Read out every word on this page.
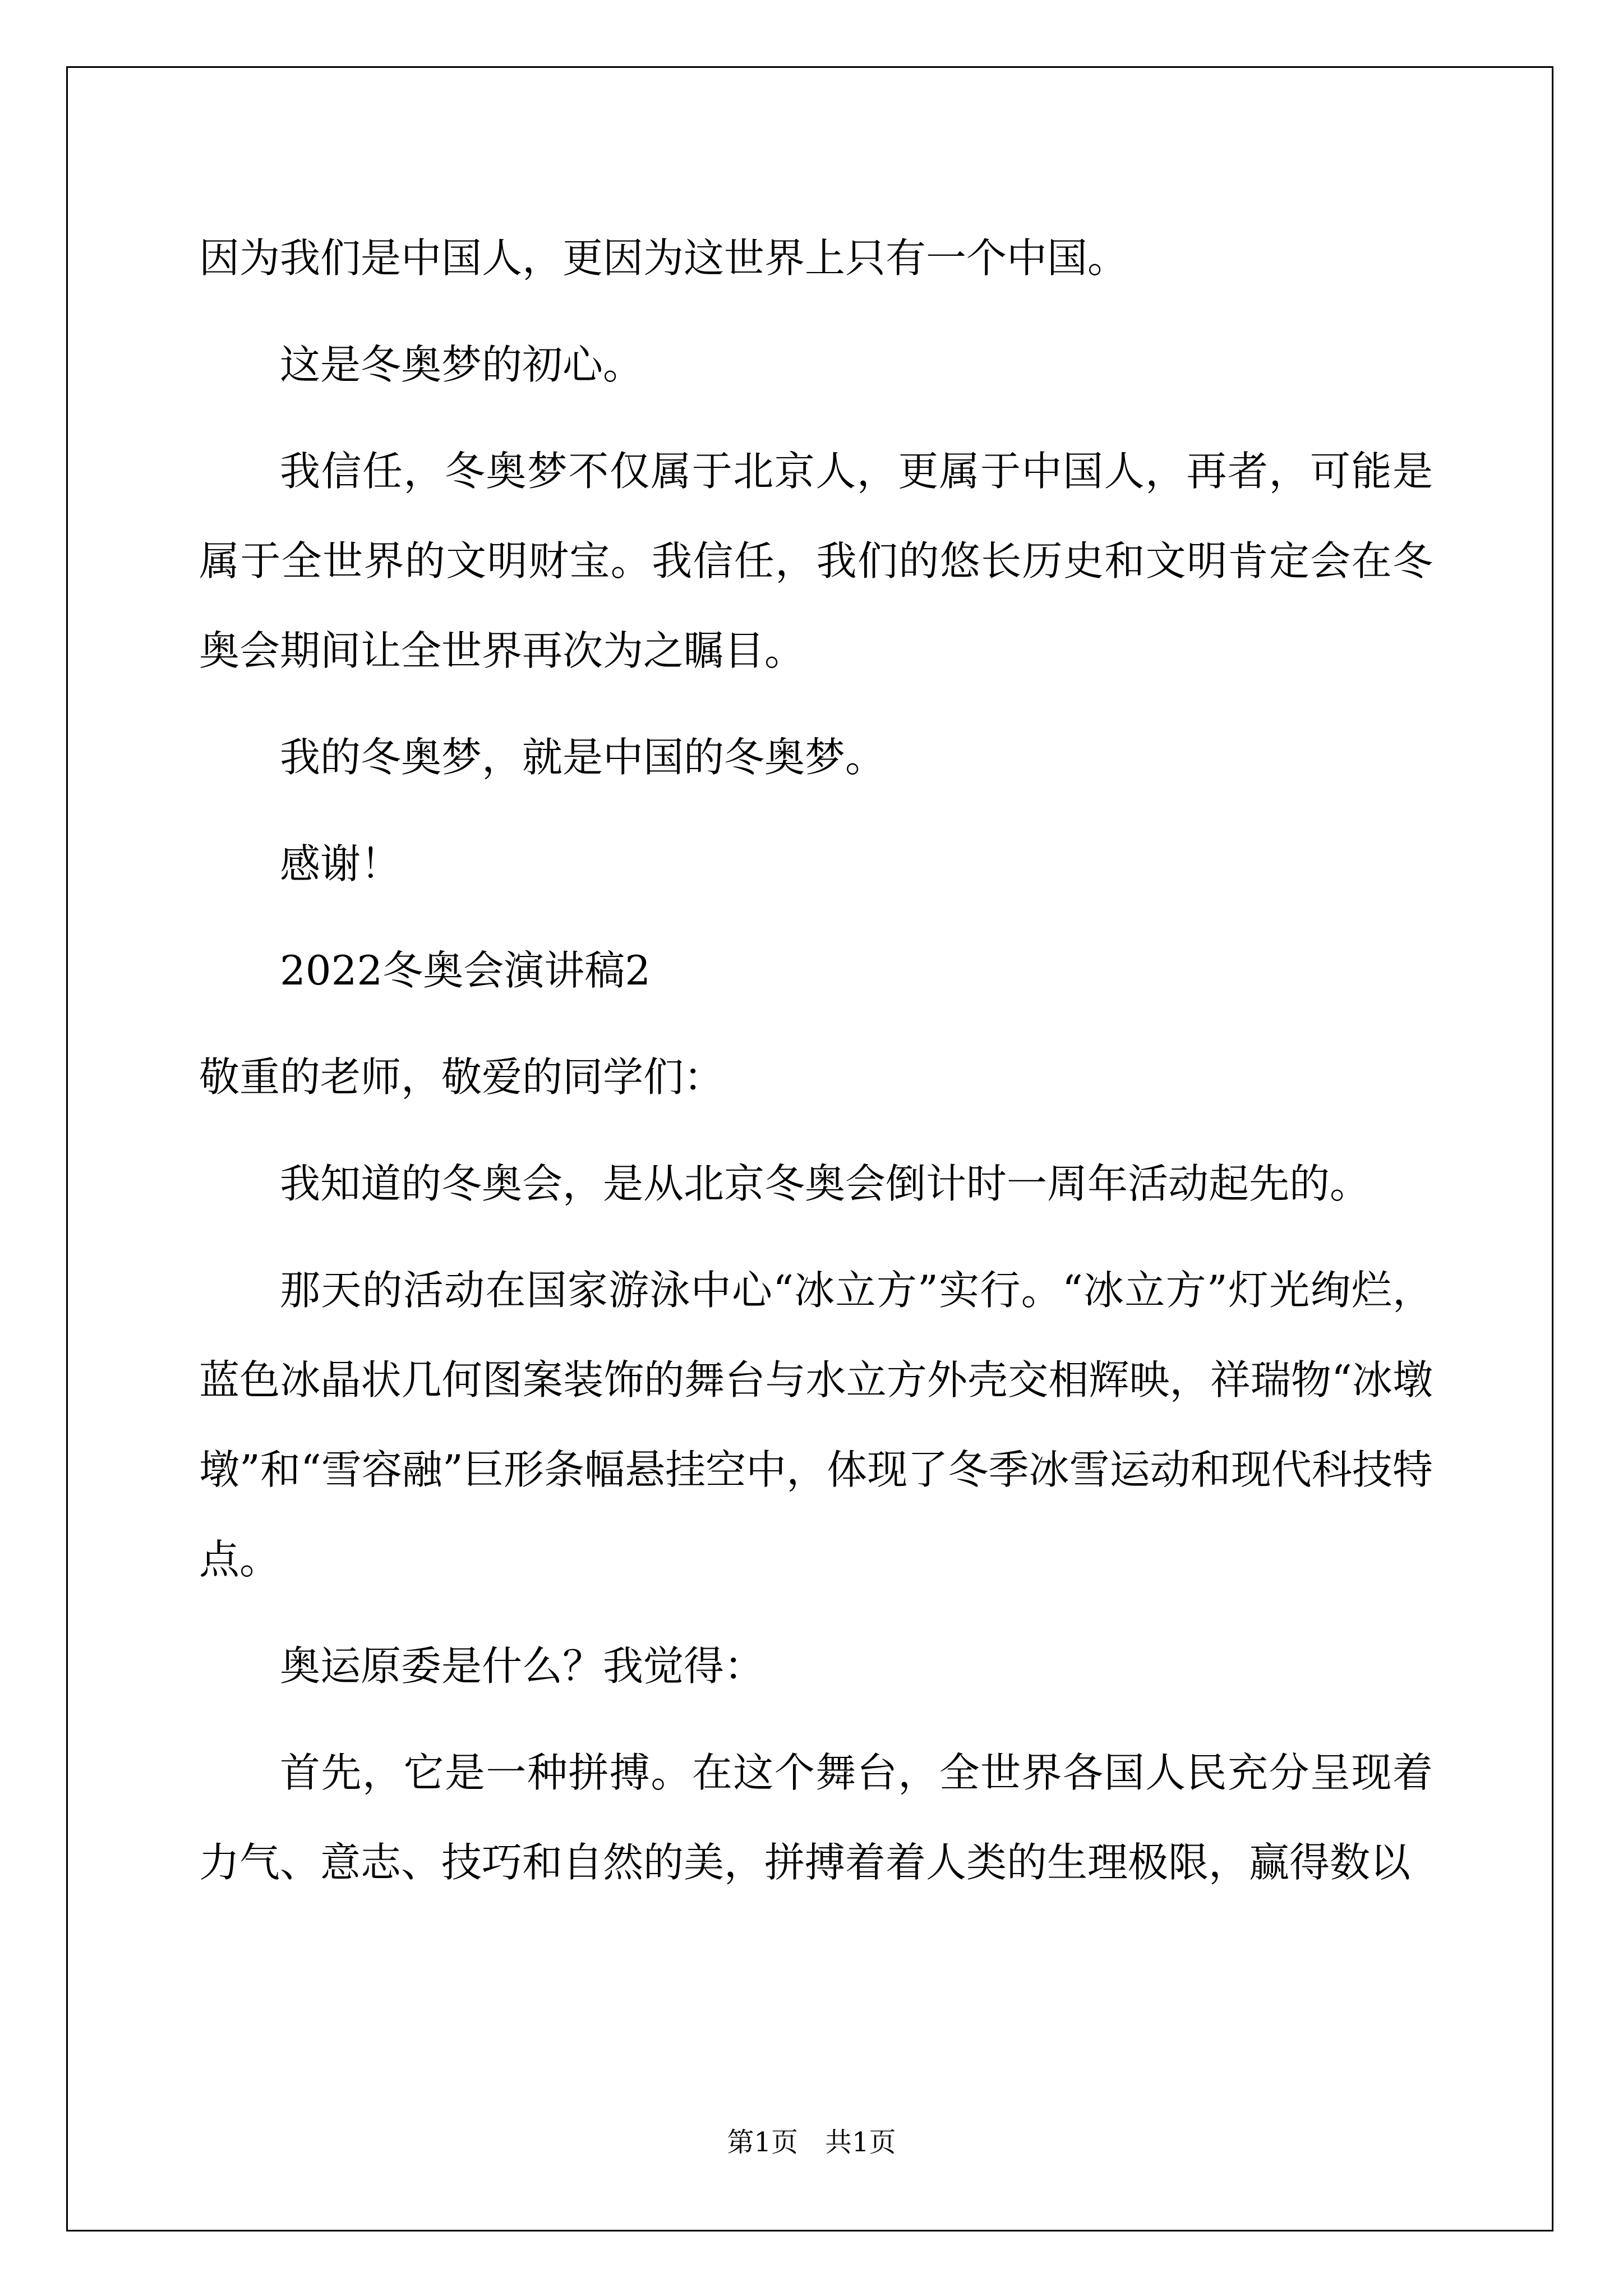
因为我们是中国人，更因为这世界上只有一个中国。

这是冬奥梦的初心。

我信任，冬奥梦不仅属于北京人，更属于中国人，再者，可能是属于全世界的文明财宝。我信任，我们的悠长历史和文明肯定会在冬奥会期间让全世界再次为之瞩目。

我的冬奥梦，就是中国的冬奥梦。

感谢！

2022冬奥会演讲稿2

敬重的老师，敬爱的同学们：

我知道的冬奥会，是从北京冬奥会倒计时一周年活动起先的。

那天的活动在国家游泳中心“冰立方”实行。“冰立方”灯光绚烂，蓝色冰晶状几何图案装饰的舞台与水立方外壳交相辉映，祥瑞物“冰墩墩”和“雪容融”巨形条幅悬挂空中，体现了冬季冰雪运动和现代科技特点。

奥运原委是什么？我觉得：

首先，它是一种拼搏。在这个舞台，全世界各国人民充分呈现着力气、意志、技巧和自然的美，拼搏着着人类的生理极限，赢得数以

第1页　共1页
